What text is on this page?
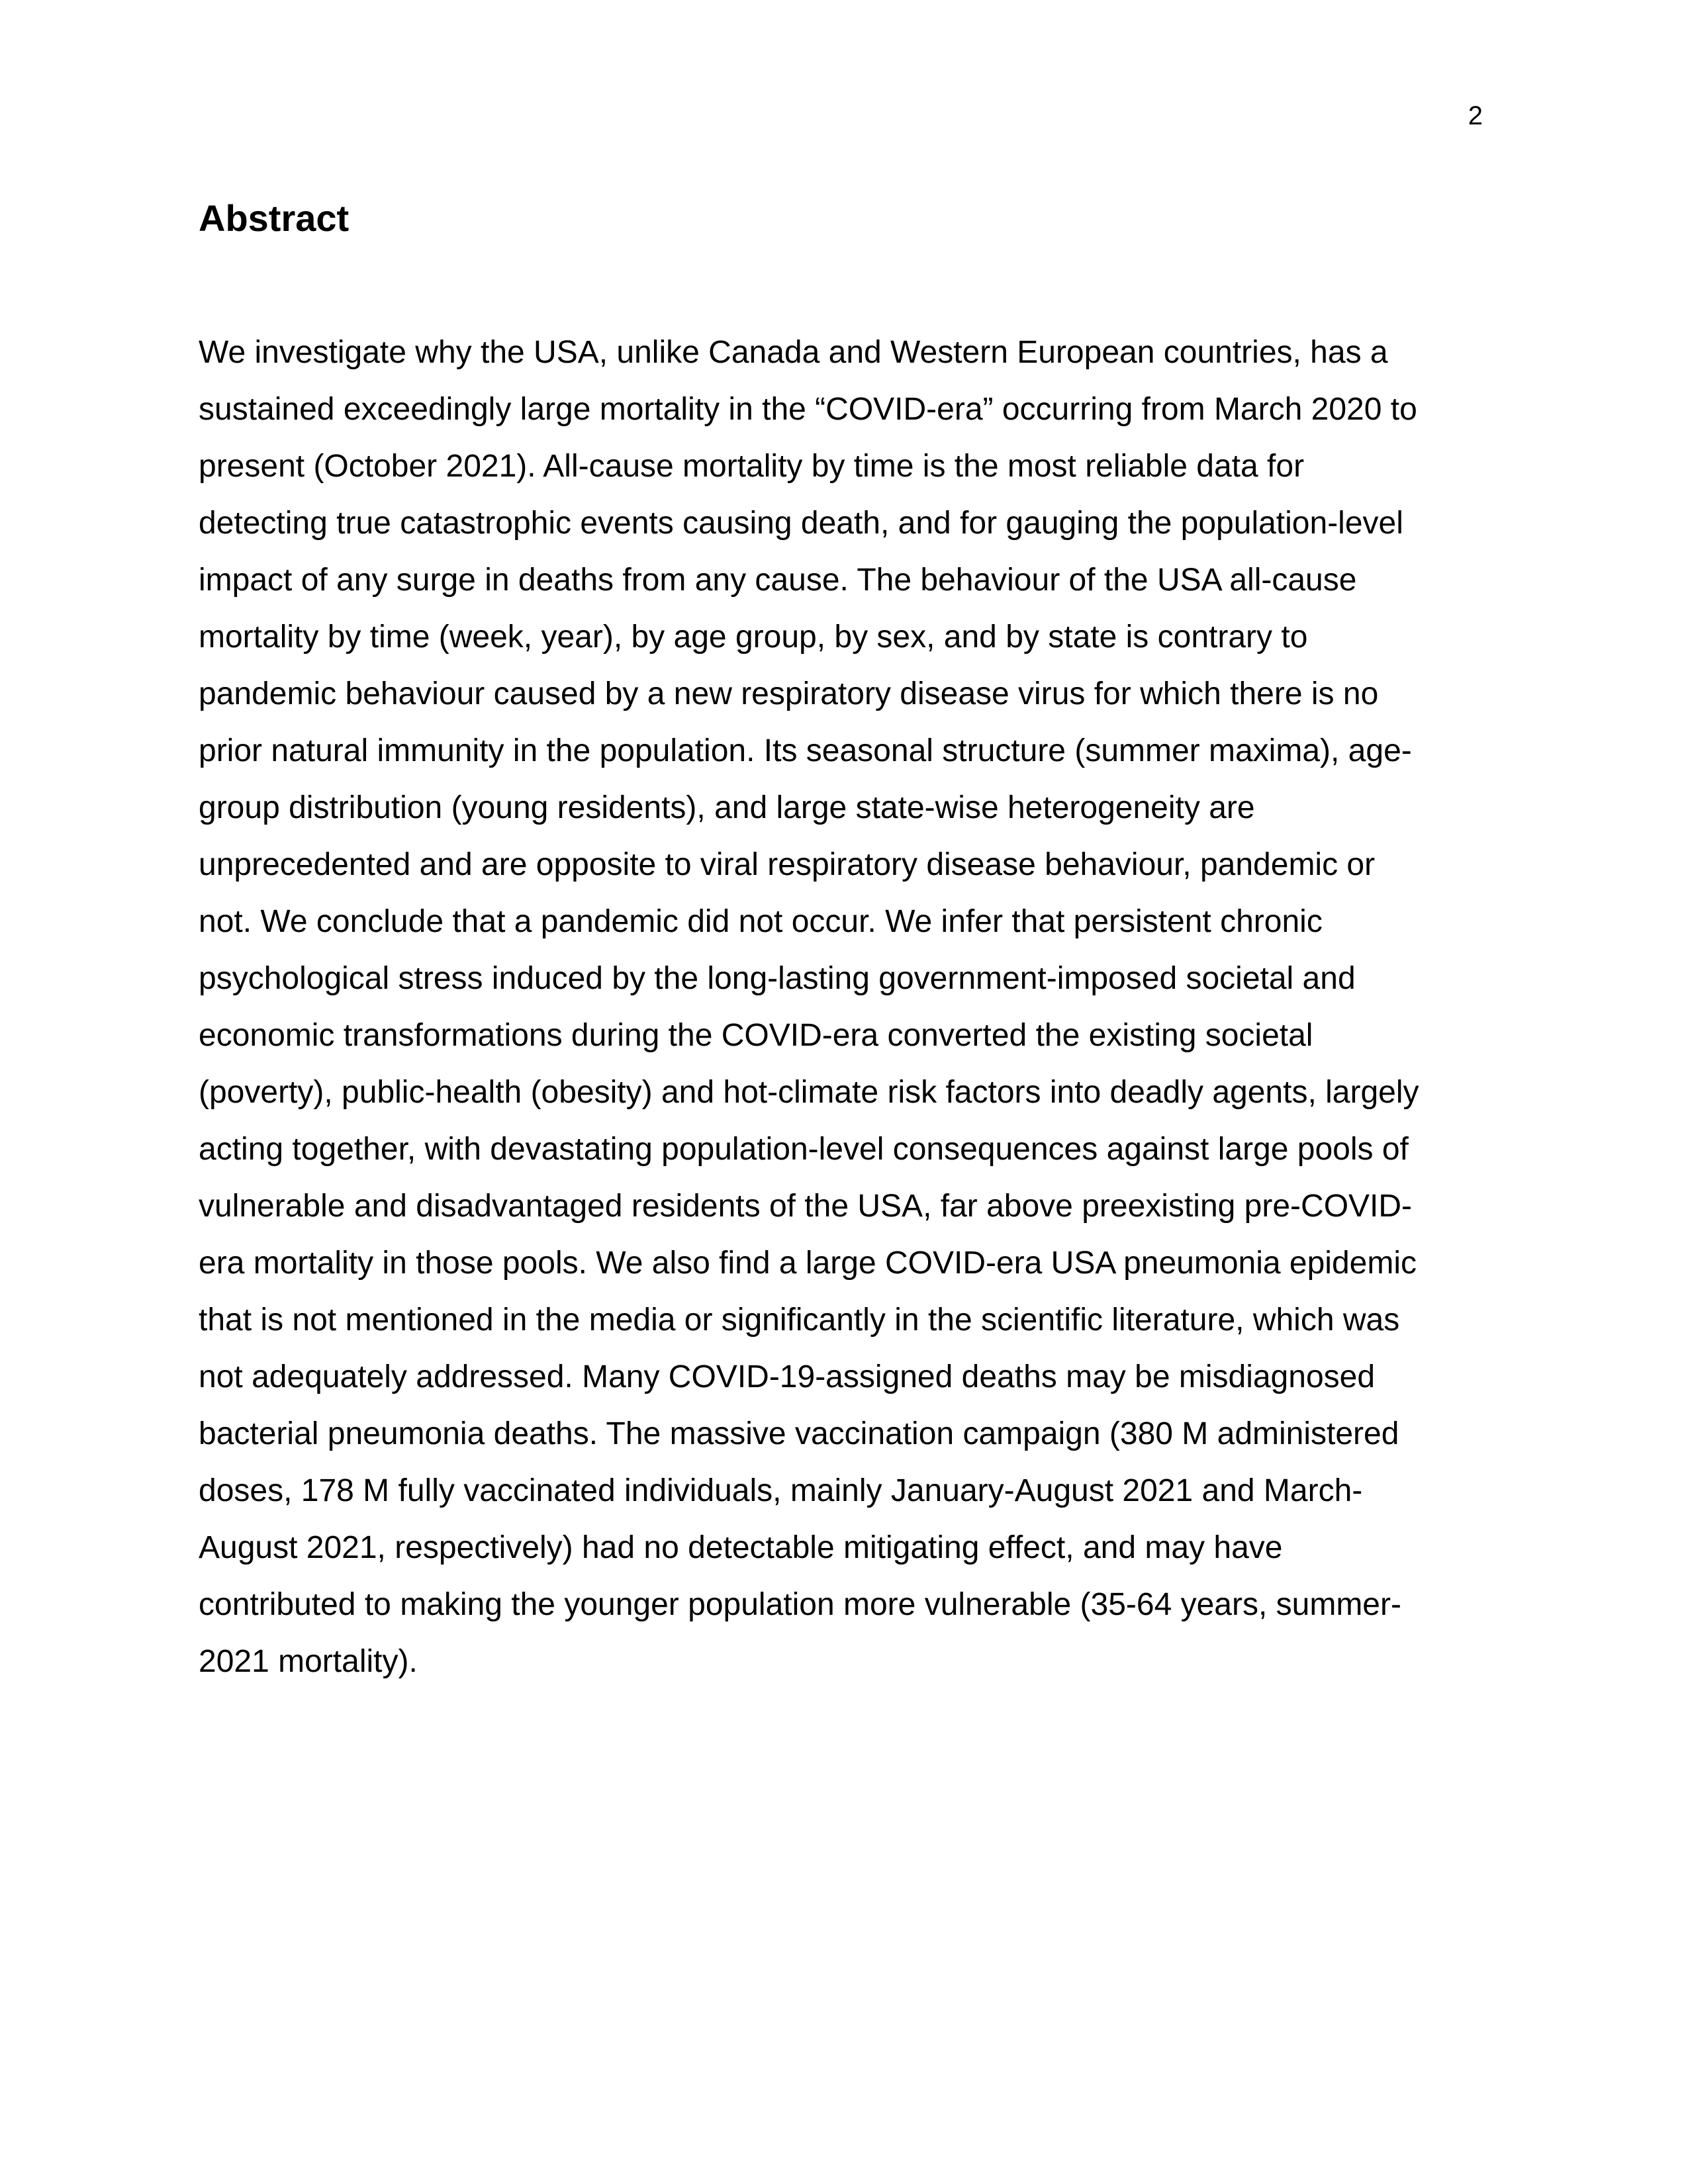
2
Abstract
We investigate why the USA, unlike Canada and Western European countries, has a
sustained exceedingly large mortality in the “COVID-era” occurring from March 2020 to
present (October 2021). All-cause mortality by time is the most reliable data for
detecting true catastrophic events causing death, and for gauging the population-level
impact of any surge in deaths from any cause. The behaviour of the USA all-cause
mortality by time (week, year), by age group, by sex, and by state is contrary to
pandemic behaviour caused by a new respiratory disease virus for which there is no
prior natural immunity in the population. Its seasonal structure (summer maxima), age-
group distribution (young residents), and large state-wise heterogeneity are
unprecedented and are opposite to viral respiratory disease behaviour, pandemic or
not. We conclude that a pandemic did not occur. We infer that persistent chronic
psychological stress induced by the long-lasting government-imposed societal and
economic transformations during the COVID-era converted the existing societal
(poverty), public-health (obesity) and hot-climate risk factors into deadly agents, largely
acting together, with devastating population-level consequences against large pools of
vulnerable and disadvantaged residents of the USA, far above preexisting pre-COVID-
era mortality in those pools. We also find a large COVID-era USA pneumonia epidemic
that is not mentioned in the media or significantly in the scientific literature, which was
not adequately addressed. Many COVID-19-assigned deaths may be misdiagnosed
bacterial pneumonia deaths. The massive vaccination campaign (380 M administered
doses, 178 M fully vaccinated individuals, mainly January-August 2021 and March-
August 2021, respectively) had no detectable mitigating effect, and may have
contributed to making the younger population more vulnerable (35-64 years, summer-
2021 mortality).
